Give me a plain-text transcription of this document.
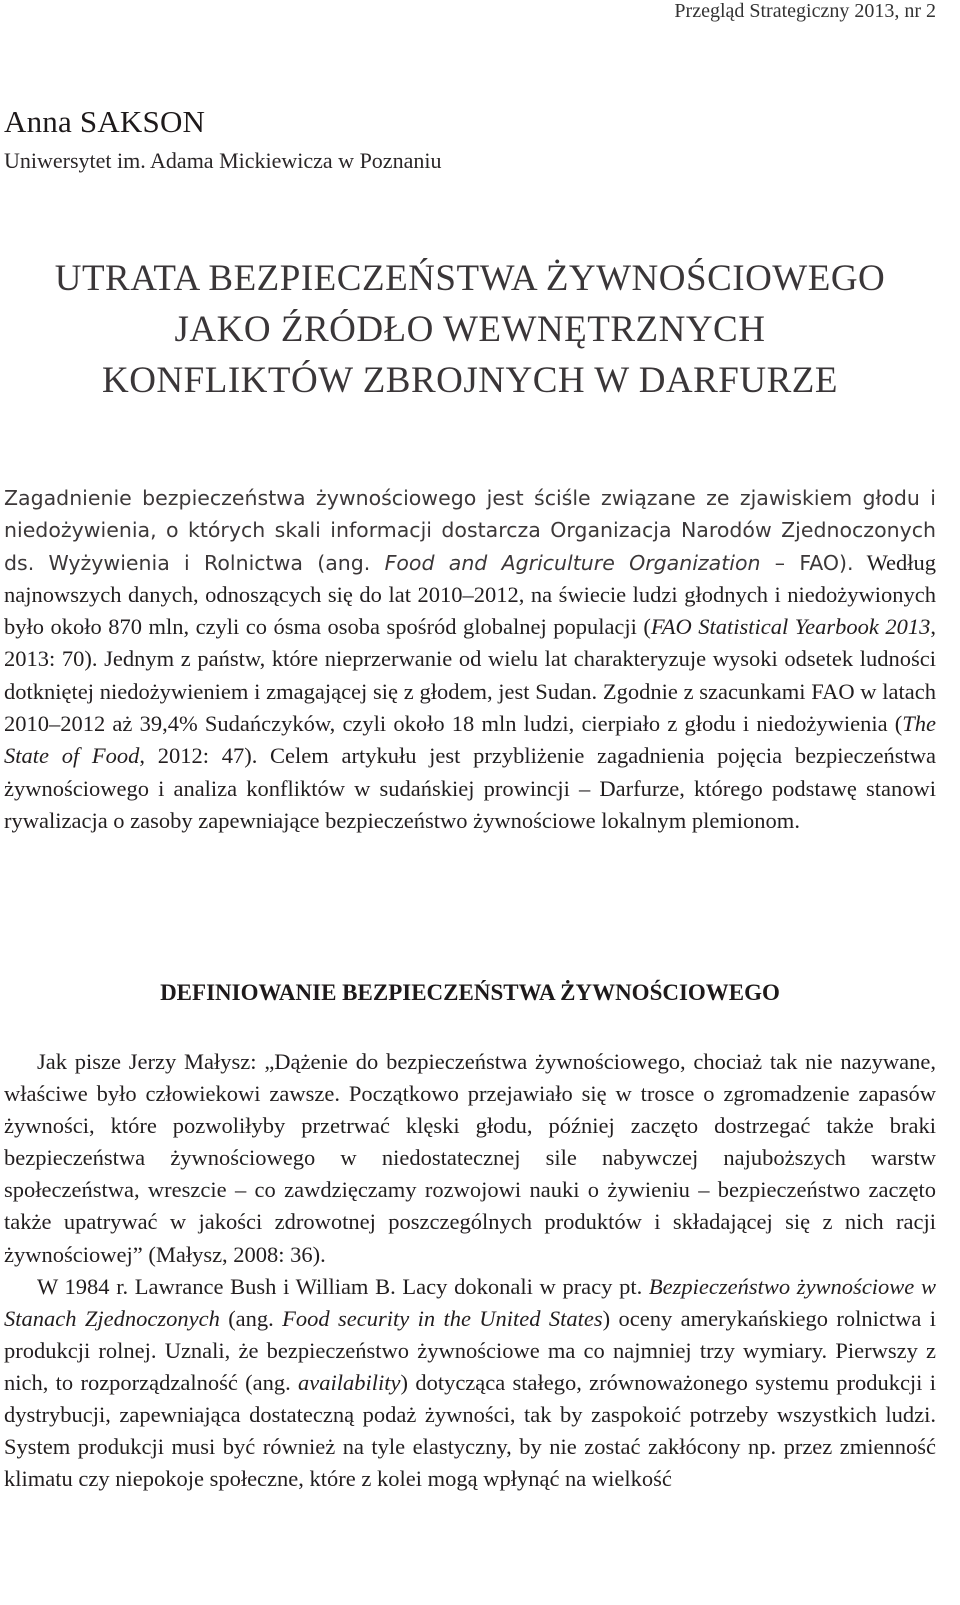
Przegląd Strategiczny 2013, nr 2
Anna SAKSON
Uniwersytet im. Adama Mickiewicza w Poznaniu
UTRATA BEZPIECZEŃSTWA ŻYWNOŚCIOWEGO
JAKO ŹRÓDŁO WEWNĘTRZNYCH
KONFLIKTÓW ZBROJNYCH W DARFURZE
Zagadnienie bezpieczeństwa żywnościowego jest ściśle związane ze zjawiskiem głodu i niedożywienia, o których skali informacji dostarcza Organizacja Narodów Zjednoczonych ds. Wyżywienia i Rolnictwa (ang. Food and Agriculture Organization – FAO). Według najnowszych danych, odnoszących się do lat 2010–2012, na świecie ludzi głodnych i niedożywionych było około 870 mln, czyli co ósma osoba spośród globalnej populacji (FAO Statistical Yearbook 2013, 2013: 70). Jednym z państw, które nieprzerwanie od wielu lat charakteryzuje wysoki odsetek ludności dotkniętej niedożywieniem i zmagającej się z głodem, jest Sudan. Zgodnie z szacunkami FAO w latach 2010–2012 aż 39,4% Sudańczyków, czyli około 18 mln ludzi, cierpiało z głodu i niedożywienia (The State of Food, 2012: 47). Celem artykułu jest przybliżenie zagadnienia pojęcia bezpieczeństwa żywnościowego i analiza konfliktów w sudańskiej prowincji – Darfurze, którego podstawę stanowi rywalizacja o zasoby zapewniające bezpieczeństwo żywnościowe lokalnym plemionom.
DEFINIOWANIE BEZPIECZEŃSTWA ŻYWNOŚCIOWEGO

Jak pisze Jerzy Małysz: „Dążenie do bezpieczeństwa żywnościowego, chociaż tak nie nazywane, właściwe było człowiekowi zawsze. Początkowo przejawiało się w trosce o zgromadzenie zapasów żywności, które pozwoliłyby przetrwać klęski głodu, później zaczęto dostrzegać także braki bezpieczeństwa żywnościowego w niedostatecznej sile nabywczej najuboższych warstw społeczeństwa, wreszcie – co zawdzięczamy rozwojowi nauki o żywieniu – bezpieczeństwo zaczęto także upatrywać w jakości zdrowotnej poszczególnych produktów i składającej się z nich racji żywnościowej” (Małysz, 2008: 36).

W 1984 r. Lawrance Bush i William B. Lacy dokonali w pracy pt. Bezpieczeństwo żywnościowe w Stanach Zjednoczonych (ang. Food security in the United States) oceny amerykańskiego rolnictwa i produkcji rolnej. Uznali, że bezpieczeństwo żywnościowe ma co najmniej trzy wymiary. Pierwszy z nich, to rozporządzalność (ang. availability) dotycząca stałego, zrównoważonego systemu produkcji i dystrybucji, zapewniająca dostateczną podaż żywności, tak by zaspokoić potrzeby wszystkich ludzi. System produkcji musi być również na tyle elastyczny, by nie zostać zakłócony np. przez zmienność klimatu czy niepokoje społeczne, które z kolei mogą wpłynąć na wielkość
